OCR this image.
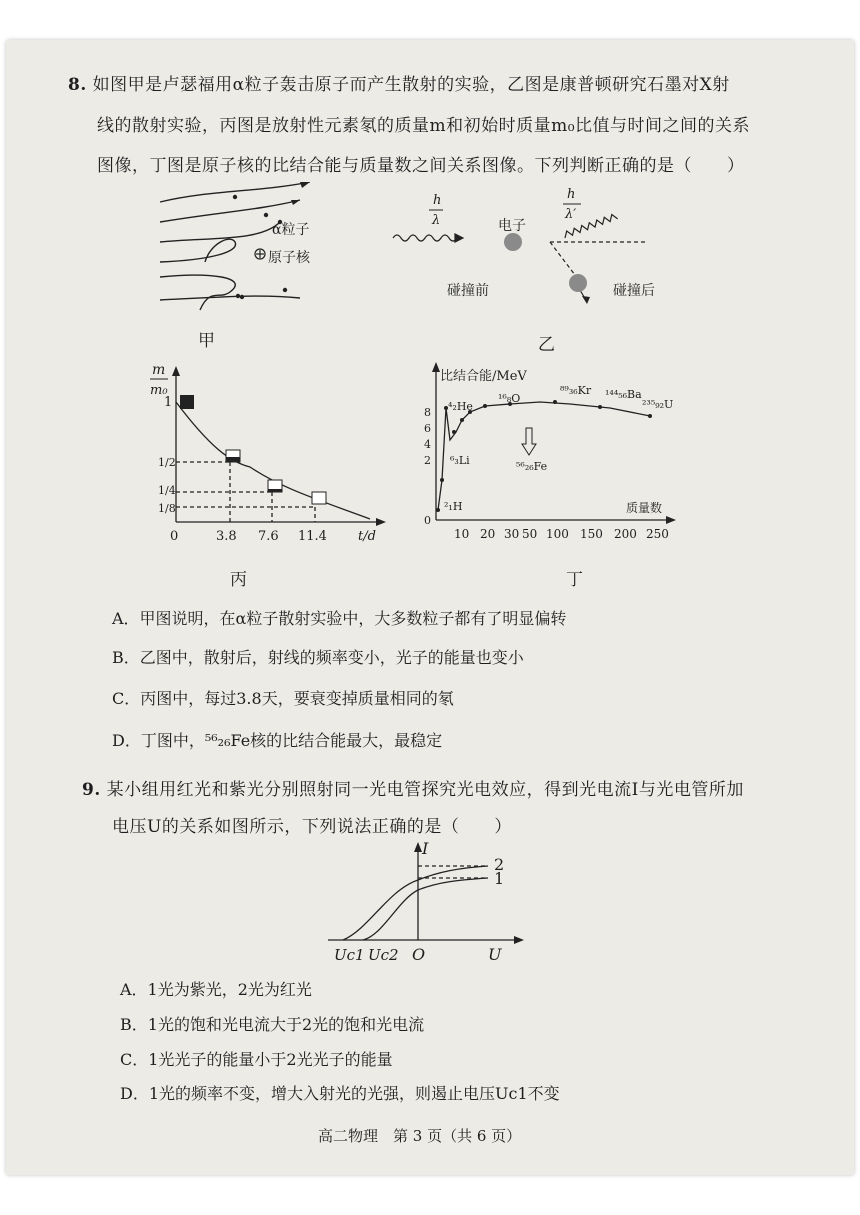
8. 如图甲是卢瑟福用α粒子轰击原子而产生散射的实验，乙图是康普顿研究石墨对X射
线的散射实验，丙图是放射性元素氡的质量m和初始时质量m₀比值与时间之间的关系
图像，丁图是原子核的比结合能与质量数之间关系图像。下列判断正确的是（　　）
α粒子
原子核
甲
h
λ
h
λ′
电子
碰撞前	碰撞后
乙
m
m₀
1
1/2
1/4
1/8
0	3.8 7.6 11.4 t/d
丙
比结合能/MeV
8
6
4
2
0
⁴₂He
¹⁶₈O
⁶₃Li
²₁H
⁸⁹₃₆Kr ¹⁴⁴₅₆Ba
²³⁵₉₂U
⁵⁶₂₆Fe
质量数
10 20 30 50 100 150 200 250
丁
A．甲图说明，在α粒子散射实验中，大多数粒子都有了明显偏转
B．乙图中，散射后，射线的频率变小，光子的能量也变小
C．丙图中，每过3.8天，要衰变掉质量相同的氡
D．丁图中，⁵⁶₂₆Fe核的比结合能最大，最稳定
9. 某小组用红光和紫光分别照射同一光电管探究光电效应，得到光电流I与光电管所加
电压U的关系如图所示，下列说法正确的是（　　）
I
2
1
O	U
Uc1 Uc2
A．1光为紫光，2光为红光
B．1光的饱和光电流大于2光的饱和光电流
C．1光光子的能量小于2光光子的能量
D．1光的频率不变，增大入射光的光强，则遏止电压Uc1不变
高二物理　第 3 页（共 6 页）
